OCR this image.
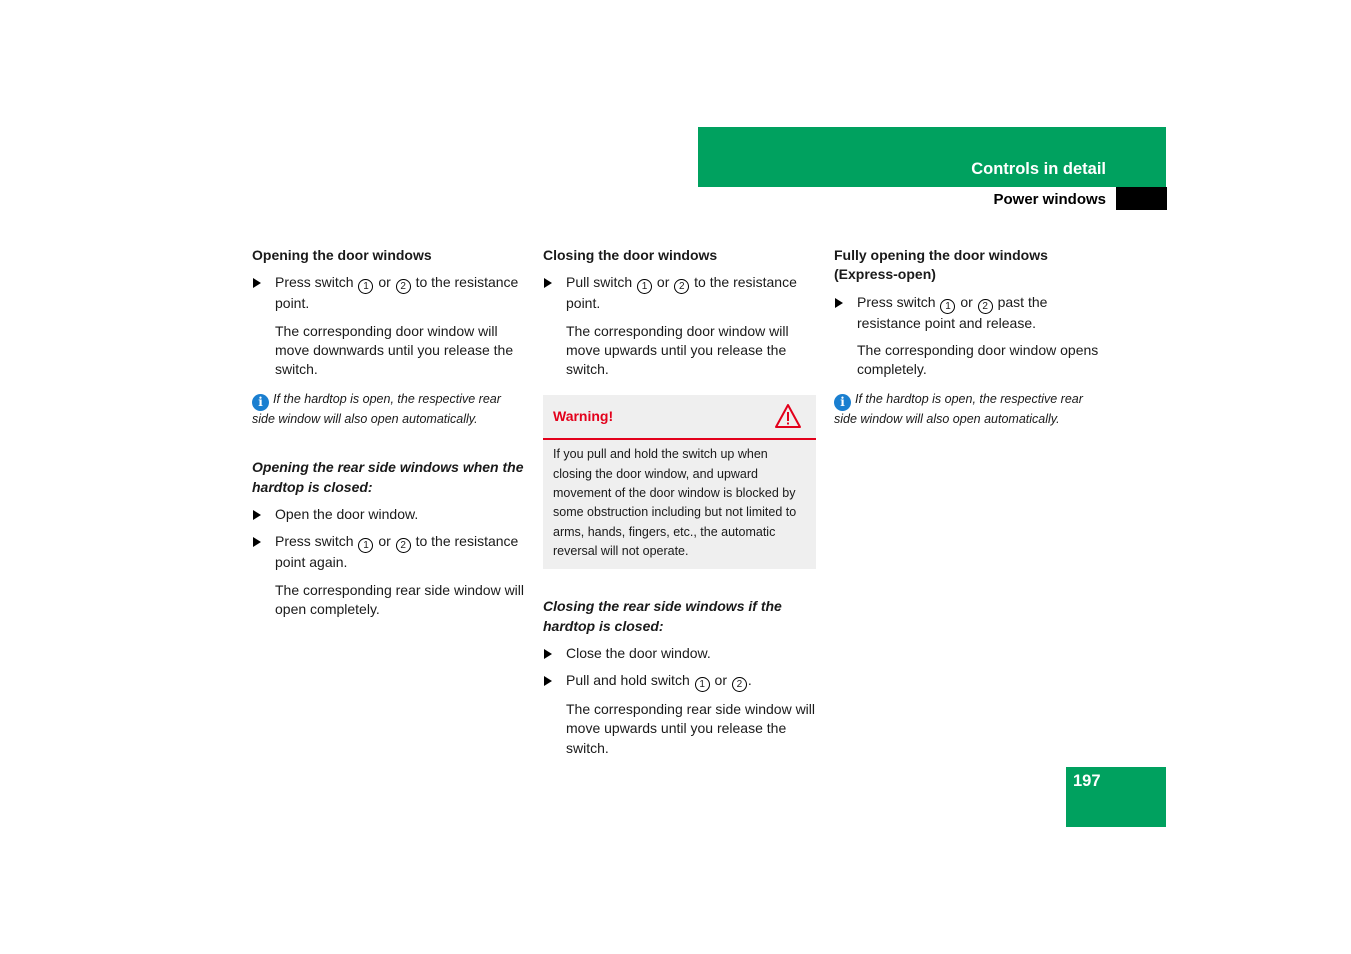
Controls in detail
Power windows
Opening the door windows
Press switch 1 or 2 to the resistance point.
The corresponding door window will move downwards until you release the switch.
i If the hardtop is open, the respective rear side window will also open automatically.
Opening the rear side windows when the hardtop is closed:
Open the door window.
Press switch 1 or 2 to the resistance point again.
The corresponding rear side window will open completely.
Closing the door windows
Pull switch 1 or 2 to the resistance point.
The corresponding door window will move upwards until you release the switch.
Warning!
If you pull and hold the switch up when closing the door window, and upward movement of the door window is blocked by some obstruction including but not limited to arms, hands, fingers, etc., the automatic reversal will not operate.
Closing the rear side windows if the hardtop is closed:
Close the door window.
Pull and hold switch 1 or 2 .
The corresponding rear side window will move upwards until you release the switch.
Fully opening the door windows (Express-open)
Press switch 1 or 2 past the resistance point and release.
The corresponding door window opens completely.
i If the hardtop is open, the respective rear side window will also open automatically.
197
